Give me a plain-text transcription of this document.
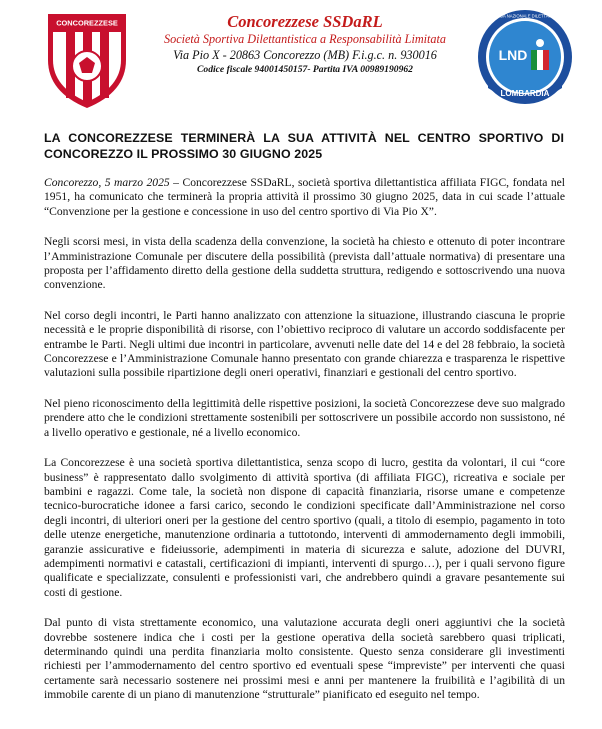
CONCOREZZESE	Concorezzese SSDaRL
Società Sportiva Dilettantistica a Responsabilità Limitata
Via Pio X - 20863 Concorezzo (MB) F.i.g.c. n. 930016
Codice fiscale 94001450157- Partita IVA 00989190962
LEGA NAZIONALE DILETTANTI
LND
LOMBARDIA
LA CONCOREZZESE TERMINERÀ LA SUA ATTIVITÀ NEL CENTRO SPORTIVO DI CONCOREZZO IL PROSSIMO 30 GIUGNO 2025

Concorezzo, 5 marzo 2025 – Concorezzese SSDaRL, società sportiva dilettantistica affiliata FIGC, fondata nel 1951, ha comunicato che terminerà la propria attività il prossimo 30 giugno 2025, data in cui scade l’attuale “Convenzione per la gestione e concessione in uso del centro sportivo di Via Pio X”.

Negli scorsi mesi, in vista della scadenza della convenzione, la società ha chiesto e ottenuto di poter incontrare l’Amministrazione Comunale per discutere della possibilità (prevista dall’attuale normativa) di presentare una proposta per l’affidamento diretto della gestione della suddetta struttura, redigendo e sottoscrivendo una nuova convenzione.

Nel corso degli incontri, le Parti hanno analizzato con attenzione la situazione, illustrando ciascuna le proprie necessità e le proprie disponibilità di risorse, con l’obiettivo reciproco di valutare un accordo soddisfacente per entrambe le Parti. Negli ultimi due incontri in particolare, avvenuti nelle date del 14 e del 28 febbraio, la società Concorezzese e l’Amministrazione Comunale hanno presentato con grande chiarezza e trasparenza le rispettive valutazioni sulla possibile ripartizione degli oneri operativi, finanziari e gestionali del centro sportivo.

Nel pieno riconoscimento della legittimità delle rispettive posizioni, la società Concorezzese deve suo malgrado prendere atto che le condizioni strettamente sostenibili per sottoscrivere un possibile accordo non sussistono, né a livello operativo e gestionale, né a livello economico.

La Concorezzese è una società sportiva dilettantistica, senza scopo di lucro, gestita da volontari, il cui “core business” è rappresentato dallo svolgimento di attività sportiva (di affiliata FIGC), ricreativa e sociale per bambini e ragazzi. Come tale, la società non dispone di capacità finanziaria, risorse umane e competenze tecnico-burocratiche idonee a farsi carico, secondo le condizioni specificate dall’Amministrazione nel corso degli incontri, di ulteriori oneri per la gestione del centro sportivo (quali, a titolo di esempio, pagamento in toto delle utenze energetiche, manutenzione ordinaria a tuttotondo, interventi di ammodernamento degli immobili, garanzie assicurative e fideiussorie, adempimenti in materia di sicurezza e salute, adozione del DUVRI, adempimenti normativi e catastali, certificazioni di impianti, interventi di spurgo…), per i quali servono figure qualificate e specializzate, consulenti e professionisti vari, che andrebbero quindi a gravare pesantemente sui costi di gestione.

Dal punto di vista strettamente economico, una valutazione accurata degli oneri aggiuntivi che la società dovrebbe sostenere indica che i costi per la gestione operativa della società sarebbero quasi triplicati, determinando quindi una perdita finanziaria molto consistente. Questo senza considerare gli investimenti richiesti per l’ammodernamento del centro sportivo ed eventuali spese “impreviste” per interventi che quasi certamente sarà necessario sostenere nei prossimi mesi e anni per mantenere la fruibilità e l’agibilità di un immobile carente di un piano di manutenzione “strutturale” pianificato ed eseguito nel tempo.
